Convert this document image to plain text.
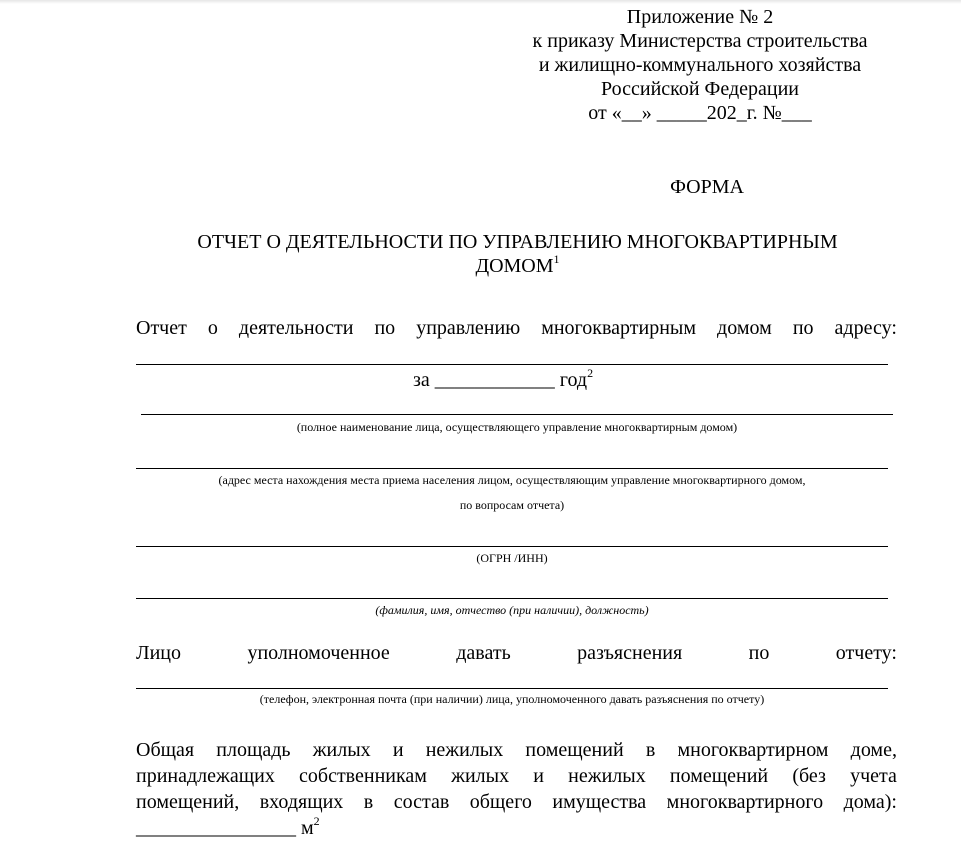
Приложение № 2
к приказу Министерства строительства
и жилищно-коммунального хозяйства
Российской Федерации
от «__» _____202_г. №___
ФОРМА
ОТЧЕТ О ДЕЯТЕЛЬНОСТИ ПО УПРАВЛЕНИЮ МНОГОКВАРТИРНЫМ
ДОМОМ$^1$
Отчет о деятельности по управлению многоквартирным домом по адресу:
за ____________ год$^2$
(полное наименование лица, осуществляющего управление многоквартирным домом)
(адрес места нахождения места приема населения лицом, осуществляющим управление многоквартирного домом,
по вопросам отчета)
(ОГРН /ИНН)
(фамилия, имя, отчество (при наличии), должность)
Лицо	уполномоченное	давать	разъяснения	по	отчету:
(телефон, электронная почта (при наличии) лица, уполномоченного давать разъяснения по отчету)
Общая площадь жилых и нежилых помещений в многоквартирном доме,
принадлежащих собственникам жилых и нежилых помещений (без учета
помещений, входящих в состав общего имущества многоквартирного дома):
________________ $м^2$
